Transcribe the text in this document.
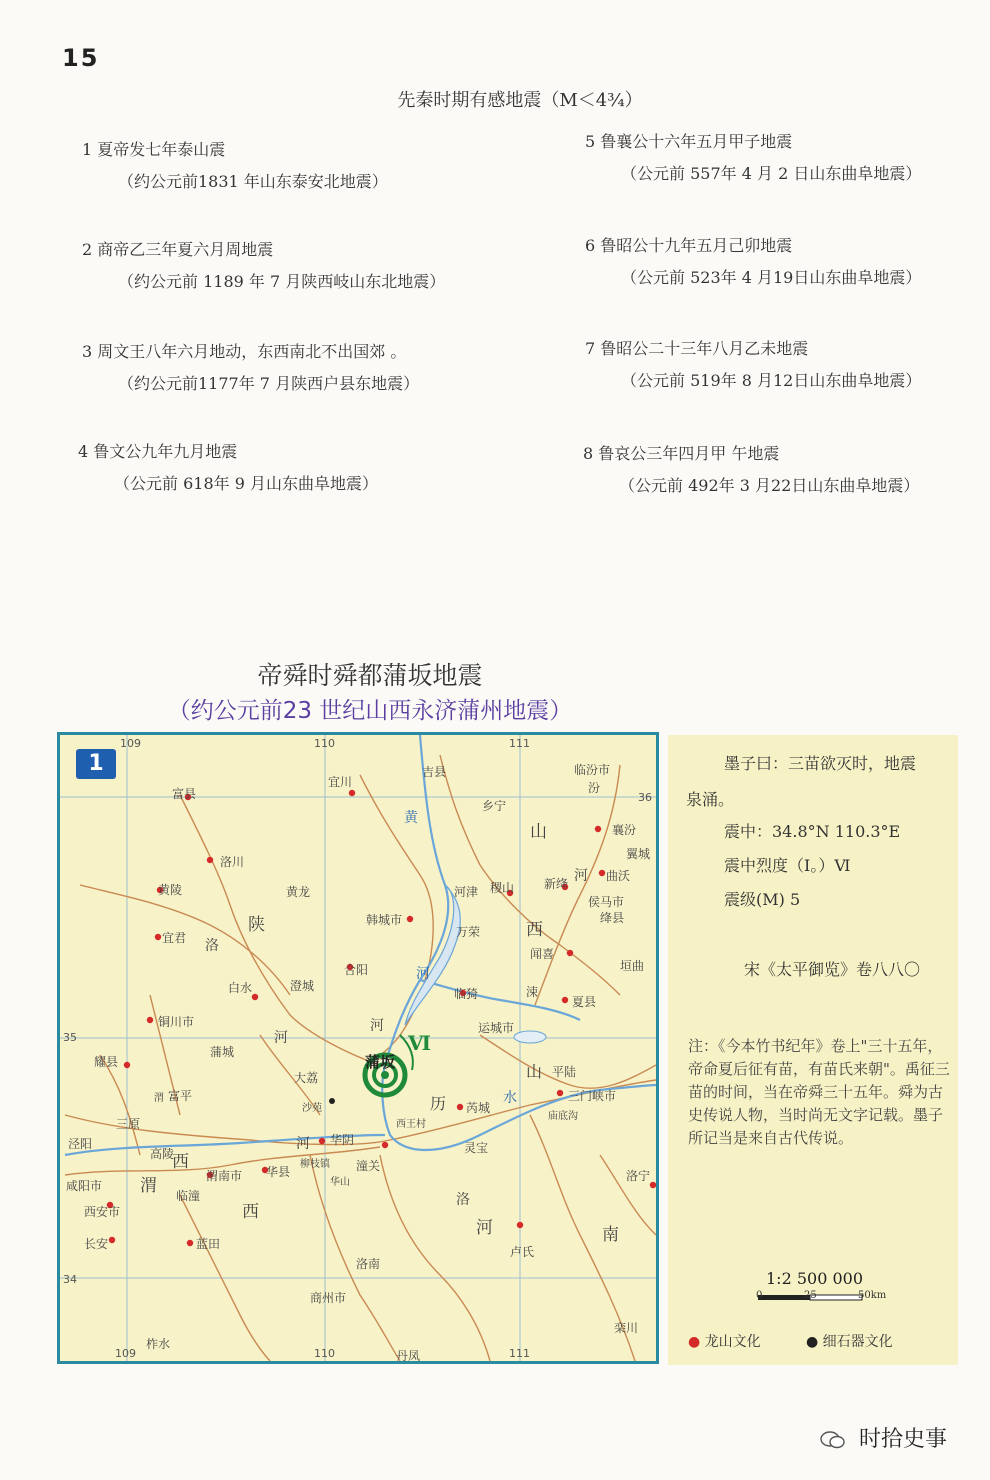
15
先秦时期有感地震（M＜4¾）
1 夏帝发七年泰山震
（约公元前1831 年山东泰安北地震）
2 商帝乙三年夏六月周地震
（约公元前 1189 年 7 月陕西岐山东北地震）
3 周文王八年六月地动，东西南北不出国郊 。
（约公元前1177年 7 月陕西户县东地震）
4 鲁文公九年九月地震
（公元前 618年 9 月山东曲阜地震）
5 鲁襄公十六年五月甲子地震
（公元前 557年 4 月 2 日山东曲阜地震）
6 鲁昭公十九年五月己卯地震
（公元前 523年 4 月19日山东曲阜地震）
7 鲁昭公二十三年八月乙未地震
（公元前 519年 8 月12日山东曲阜地震）
8 鲁哀公三年四月甲 午地震
（公元前 492年 3 月22日山东曲阜地震）
帝舜时舜都蒲坂地震
（约公元前23 世纪山西永济蒲州地震）
1
109	110	111
109	110	111
36
35
34
陕
西
山
西
河	南
渭
西
黄
河
河
洛
河
河
水
汾
涑
历
山
渭
河
洛
Ⅵ
蒲坂
富县
宜川
吉县
乡宁
临汾市
襄汾
翼城
洛川
黄陵	黄龙	河津 稷山 新绛
曲沃
侯马市
绛县
宜君
韩城市
万荣
闻喜
垣曲
白水	澄城
合阳
临猗
夏县
铜川市
蒲城
运城市
耀县
富平
大荔	平陆
三门峡市
三原
沙苑
西王村
芮城
庙底沟
泾阳
高陵
华阴
华县
柳枝镇 潼关
灵宝
咸阳市
西安市
临潼
渭南市	华山
长安	蓝田
洛南
卢氏
洛宁
商州市
柞水
丹凤
栾川
墨子曰：三苗欲灭时，地震
泉涌。
震中：34.8°N 110.3°E
震中烈度（I。）Ⅵ
震级(M) 5
宋《太平御览》卷八八〇
注：《今本竹书纪年》卷上"三十五年，帝命夏后征有苗，有苗氏来朝"。禹征三苗的时间，当在帝舜三十五年。舜为古史传说人物，当时尚无文字记载。墨子所记当是来自古代传说。
1:2 500 000
0	25	50km
● 龙山文化	● 细石器文化
时拾史事
